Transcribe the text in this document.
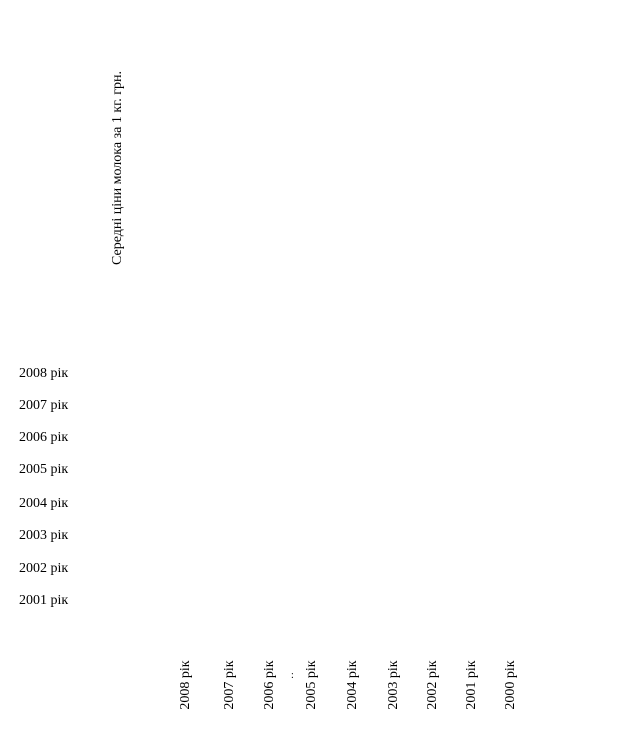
Середні ціни молока за 1 кг. грн.
2008 рік
2007 рік
2006 рік
2005 рік
2004 рік
2003 рік
2002 рік
2001 рік
2008 рік 2007 рік 2006 рік 2005 рік 2004 рік 2003 рік 2002 рік 2001 рік 2000 рік
:
